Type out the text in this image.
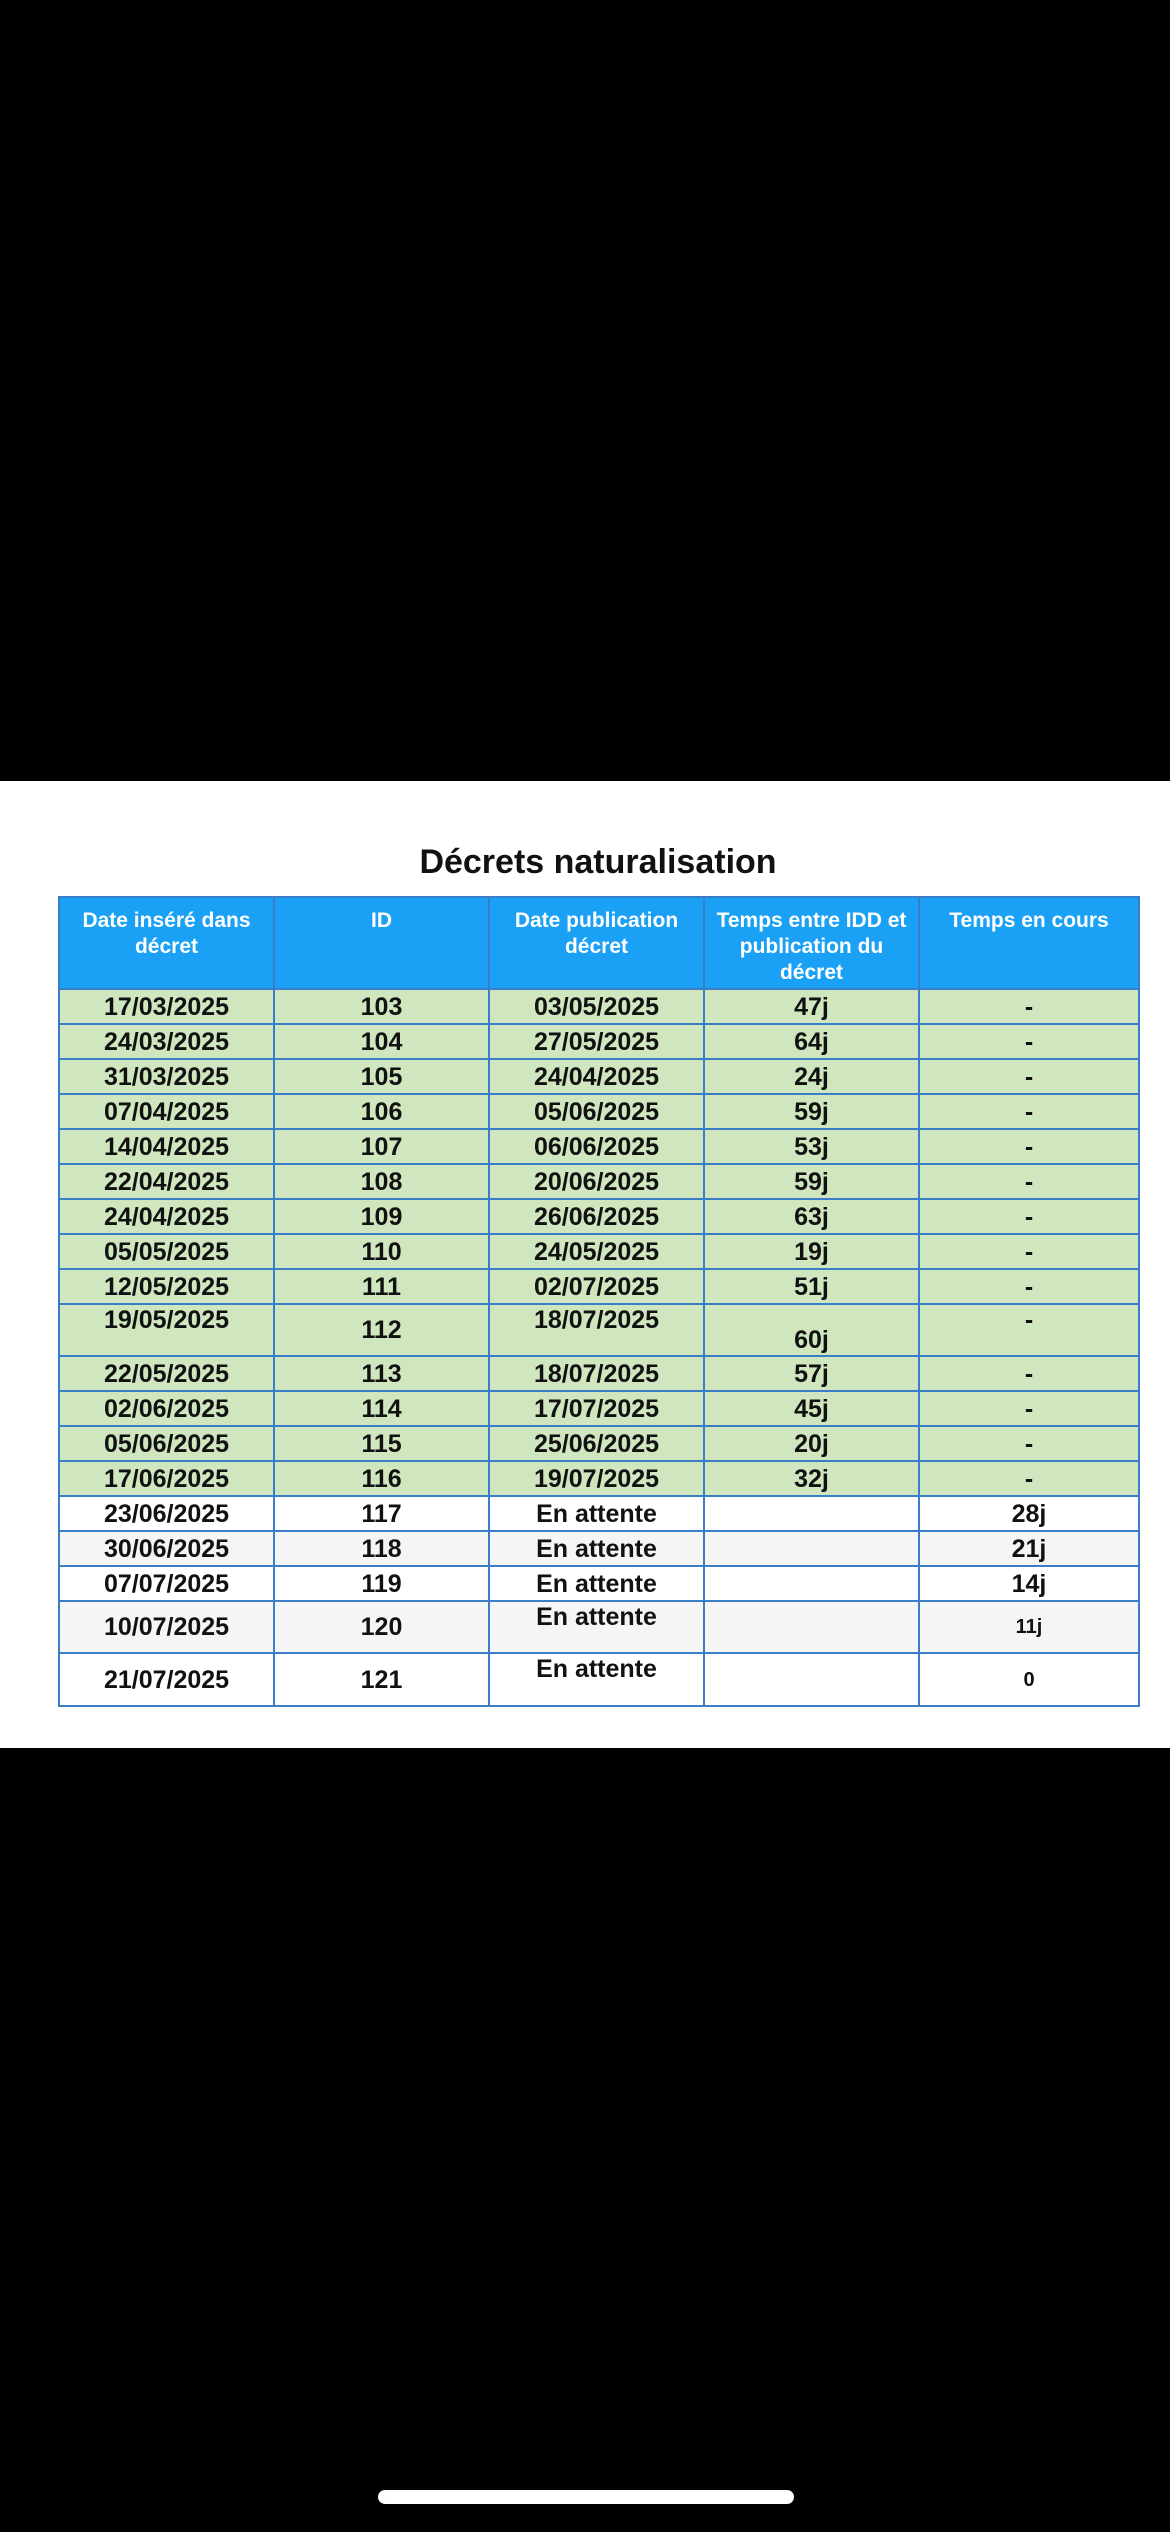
Décrets naturalisation
Date inséré dans décret	ID	Date publication décret	Temps entre IDD et publication du décret	Temps en cours
17/03/2025	103	03/05/2025	47j	-
24/03/2025	104	27/05/2025	64j	-
31/03/2025	105	24/04/2025	24j	-
07/04/2025	106	05/06/2025	59j	-
14/04/2025	107	06/06/2025	53j	-
22/04/2025	108	20/06/2025	59j	-
24/04/2025	109	26/06/2025	63j	-
05/05/2025	110	24/05/2025	19j	-
12/05/2025	111	02/07/2025	51j	-
19/05/2025	112	18/07/2025	60j	-
22/05/2025	113	18/07/2025	57j	-
02/06/2025	114	17/07/2025	45j	-
05/06/2025	115	25/06/2025	20j	-
17/06/2025	116	19/07/2025	32j	-
23/06/2025	117	En attente		28j
30/06/2025	118	En attente		21j
07/07/2025	119	En attente		14j
10/07/2025	120	En attente		11j
21/07/2025	121	En attente		0
